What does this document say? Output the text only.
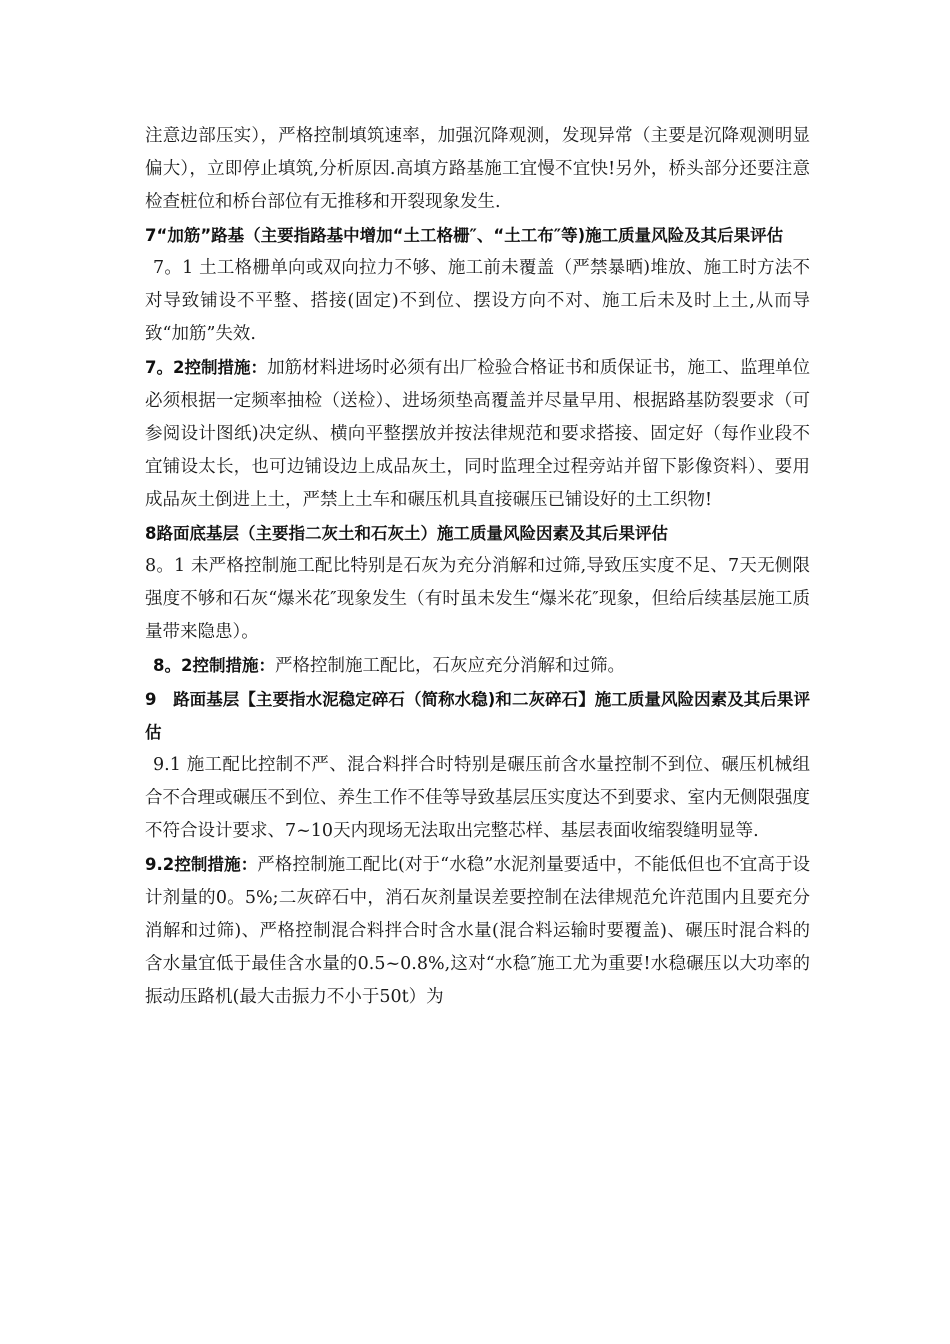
注意边部压实），严格控制填筑速率，加强沉降观测，发现异常（主要是沉降观测明显偏大），立即停止填筑,分析原因.高填方路基施工宜慢不宜快!另外，桥头部分还要注意检查桩位和桥台部位有无推移和开裂现象发生.

7“加筋”路基（主要指路基中增加“土工格栅″、“土工布″等)施工质量风险及其后果评估

7。1 土工格栅单向或双向拉力不够、施工前未覆盖（严禁暴晒)堆放、施工时方法不对导致铺设不平整、搭接(固定)不到位、摆设方向不对、施工后未及时上土,从而导致“加筋”失效.

7。2控制措施：加筋材料进场时必须有出厂检验合格证书和质保证书，施工、监理单位必须根据一定频率抽检（送检）、进场须垫高覆盖并尽量早用、根据路基防裂要求（可参阅设计图纸)决定纵、横向平整摆放并按法律规范和要求搭接、固定好（每作业段不宜铺设太长，也可边铺设边上成品灰土，同时监理全过程旁站并留下影像资料）、要用成品灰土倒进上土，严禁上土车和碾压机具直接碾压已铺设好的土工织物!

8路面底基层（主要指二灰土和石灰土）施工质量风险因素及其后果评估

8。1 未严格控制施工配比特别是石灰为充分消解和过筛,导致压实度不足、7天无侧限强度不够和石灰“爆米花″现象发生（有时虽未发生“爆米花″现象，但给后续基层施工质量带来隐患）。

8。2控制措施：严格控制施工配比，石灰应充分消解和过筛。

9　路面基层【主要指水泥稳定碎石（简称水稳)和二灰碎石】施工质量风险因素及其后果评估

9.1 施工配比控制不严、混合料拌合时特别是碾压前含水量控制不到位、碾压机械组合不合理或碾压不到位、养生工作不佳等导致基层压实度达不到要求、室内无侧限强度不符合设计要求、7~10天内现场无法取出完整芯样、基层表面收缩裂缝明显等.

9.2控制措施：严格控制施工配比(对于“水稳”水泥剂量要适中，不能低但也不宜高于设计剂量的0。5%;二灰碎石中，消石灰剂量误差要控制在法律规范允许范围内且要充分消解和过筛)、严格控制混合料拌合时含水量(混合料运输时要覆盖)、碾压时混合料的含水量宜低于最佳含水量的0.5~0.8%,这对“水稳″施工尤为重要!水稳碾压以大功率的振动压路机(最大击振力不小于50t）为
